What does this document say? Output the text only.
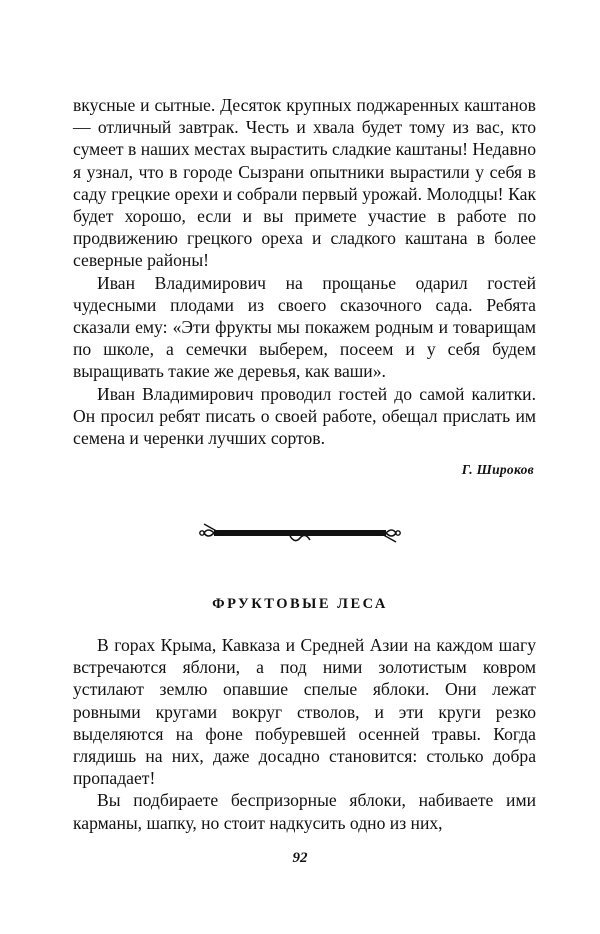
вкусные и сытные. Десяток крупных поджаренных каштанов — отличный завтрак. Честь и хвала будет тому из вас, кто сумеет в наших местах вырастить сладкие каштаны! Недавно я узнал, что в городе Сызрани опытники вырастили у себя в саду грецкие орехи и собрали первый урожай. Молодцы! Как будет хорошо, если и вы примете участие в работе по продвижению грецкого ореха и сладкого каштана в более северные районы!

Иван Владимирович на прощанье одарил гостей чудесными плодами из своего сказочного сада. Ребята сказали ему: «Эти фрукты мы покажем родным и товарищам по школе, а семечки выберем, посеем и у себя будем выращивать такие же деревья, как ваши».

Иван Владимирович проводил гостей до самой калитки. Он просил ребят писать о своей работе, обещал прислать им семена и черенки лучших сортов.

Г. Широков
ФРУКТОВЫЕ ЛЕСА

В горах Крыма, Кавказа и Средней Азии на каждом шагу встречаются яблони, а под ними золотистым ковром устилают землю опавшие спелые яблоки. Они лежат ровными кругами вокруг стволов, и эти круги резко выделяются на фоне побуревшей осенней травы. Когда глядишь на них, даже досадно становится: столько добра пропадает!

Вы подбираете беспризорные яблоки, набиваете ими карманы, шапку, но стоит надкусить одно из них,

92
